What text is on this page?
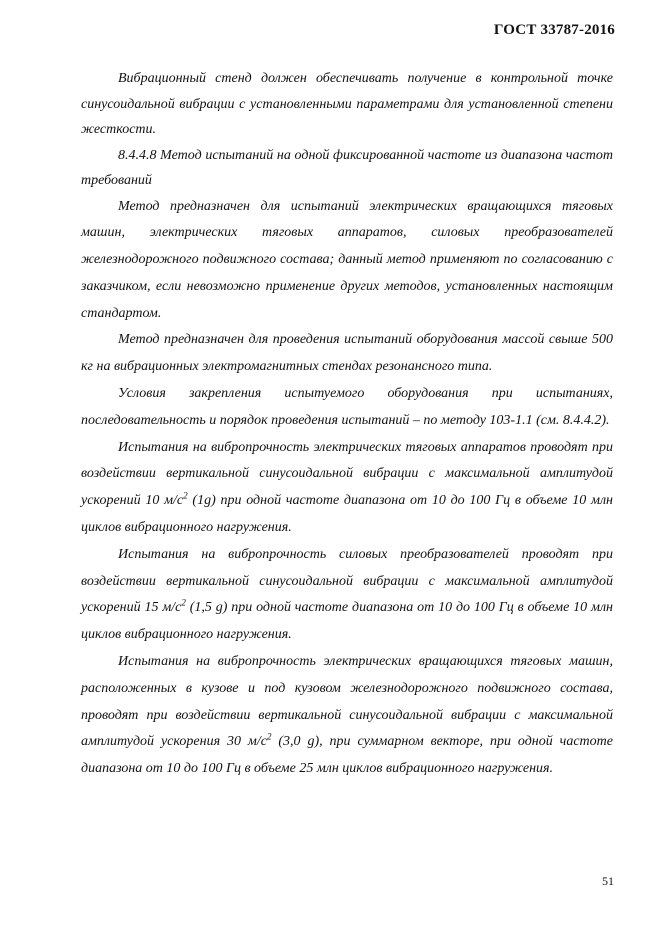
ГОСТ 33787-2016

Вибрационный стенд должен обеспечивать получение в контрольной точке синусоидальной вибрации с установленными параметрами для установленной степени жесткости.

8.4.4.8 Метод испытаний на одной фиксированной частоте из диапазона частот требований

Метод предназначен для испытаний электрических вращающихся тяговых машин, электрических тяговых аппаратов, силовых преобразователей железнодорожного подвижного состава; данный метод применяют по согласованию с заказчиком, если невозможно применение других методов, установленных настоящим стандартом.

Метод предназначен для проведения испытаний оборудования массой свыше 500 кг на вибрационных электромагнитных стендах резонансного типа.

Условия закрепления испытуемого оборудования при испытаниях, последовательность и порядок проведения испытаний – по методу 103-1.1 (см. 8.4.4.2).

Испытания на вибропрочность электрических тяговых аппаратов проводят при воздействии вертикальной синусоидальной вибрации с максимальной амплитудой ускорений 10 $м/с^2$ (1g) при одной частоте диапазона от 10 до 100 Гц в объеме 10 млн циклов вибрационного нагружения.

Испытания на вибропрочность силовых преобразователей проводят при воздействии вертикальной синусоидальной вибрации с максимальной амплитудой ускорений 15 $м/с^2$ (1,5 g) при одной частоте диапазона от 10 до 100 Гц в объеме 10 млн циклов вибрационного нагружения.

Испытания на вибропрочность электрических вращающихся тяговых машин, расположенных в кузове и под кузовом железнодорожного подвижного состава, проводят при воздействии вертикальной синусоидальной вибрации с максимальной амплитудой ускорения 30 $м/с^2$ (3,0 g), при суммарном векторе, при одной частоте диапазона от 10 до 100 Гц в объеме 25 млн циклов вибрационного нагружения.

51
